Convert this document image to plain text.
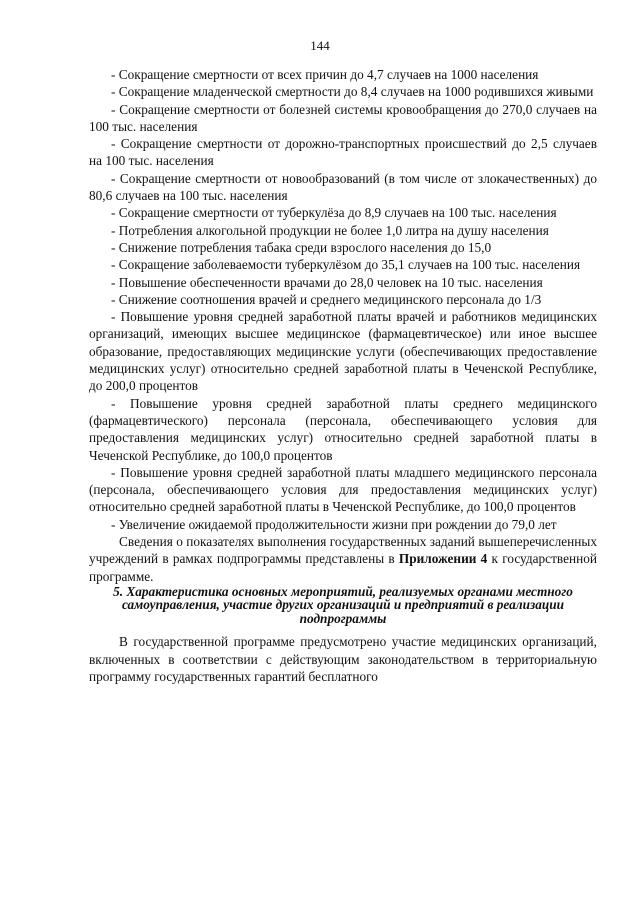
144

- Сокращение смертности от всех причин до 4,7 случаев на 1000 населения

- Сокращение младенческой смертности до 8,4 случаев на 1000 родившихся живыми

- Сокращение смертности от болезней системы кровообращения до 270,0 случаев на 100 тыс. населения

- Сокращение смертности от дорожно-транспортных происшествий до 2,5 случаев на 100 тыс. населения

- Сокращение смертности от новообразований (в том числе от злокачественных) до 80,6 случаев на 100 тыс. населения

- Сокращение смертности от туберкулёза до 8,9 случаев на 100 тыс. населения

- Потребления алкогольной продукции не более 1,0 литра на душу населения

- Снижение потребления табака среди взрослого населения до 15,0

- Сокращение заболеваемости туберкулёзом до 35,1 случаев на 100 тыс. населения

- Повышение обеспеченности врачами до 28,0 человек на 10 тыс. населения

- Снижение соотношения врачей и среднего медицинского персонала до 1/3

- Повышение уровня средней заработной платы врачей и работников медицинских организаций, имеющих высшее медицинское (фармацевтическое) или иное высшее образование, предоставляющих медицинские услуги (обеспечивающих предоставление медицинских услуг) относительно средней заработной платы в Чеченской Республике, до 200,0 процентов

- Повышение уровня средней заработной платы среднего медицинского (фармацевтического) персонала (персонала, обеспечивающего условия для предоставления медицинских услуг) относительно средней заработной платы в Чеченской Республике, до 100,0 процентов

- Повышение уровня средней заработной платы младшего медицинского персонала (персонала, обеспечивающего условия для предоставления медицинских услуг) относительно средней заработной платы в Чеченской Республике, до 100,0 процентов

- Увеличение ожидаемой продолжительности жизни при рождении до 79,0 лет

Сведения о показателях выполнения государственных заданий вышеперечисленных учреждений в рамках подпрограммы представлены в Приложении 4 к государственной программе.

5. Характеристика основных мероприятий, реализуемых органами местного самоуправления, участие других организаций и предприятий в реализации подпрограммы

В государственной программе предусмотрено участие медицинских организаций, включенных в соответствии с действующим законодательством в территориальную программу государственных гарантий бесплатного
